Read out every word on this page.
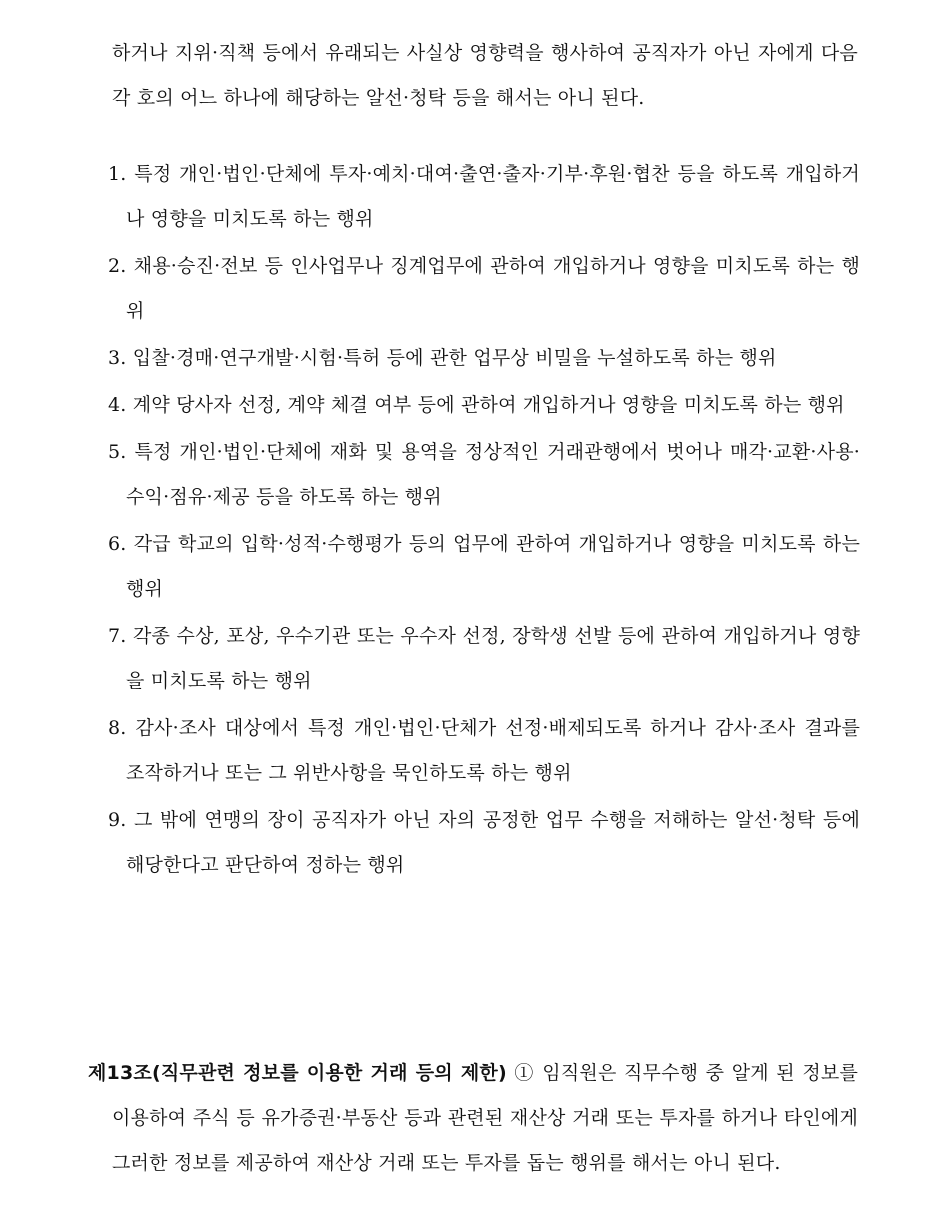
하거나 지위·직책 등에서 유래되는 사실상 영향력을 행사하여 공직자가 아닌 자에게 다음 각 호의 어느 하나에 해당하는 알선·청탁 등을 해서는 아니 된다.

1. 특정 개인·법인·단체에 투자·예치·대여·출연·출자·기부·후원·협찬 등을 하도록 개입하거나 영향을 미치도록 하는 행위
2. 채용·승진·전보 등 인사업무나 징계업무에 관하여 개입하거나 영향을 미치도록 하는 행위
3. 입찰·경매·연구개발·시험·특허 등에 관한 업무상 비밀을 누설하도록 하는 행위
4. 계약 당사자 선정, 계약 체결 여부 등에 관하여 개입하거나 영향을 미치도록 하는 행위
5. 특정 개인·법인·단체에 재화 및 용역을 정상적인 거래관행에서 벗어나 매각·교환·사용·수익·점유·제공 등을 하도록 하는 행위
6. 각급 학교의 입학·성적·수행평가 등의 업무에 관하여 개입하거나 영향을 미치도록 하는 행위
7. 각종 수상, 포상, 우수기관 또는 우수자 선정, 장학생 선발 등에 관하여 개입하거나 영향을 미치도록 하는 행위
8. 감사·조사 대상에서 특정 개인·법인·단체가 선정·배제되도록 하거나 감사·조사 결과를 조작하거나 또는 그 위반사항을 묵인하도록 하는 행위
9. 그 밖에 연맹의 장이 공직자가 아닌 자의 공정한 업무 수행을 저해하는 알선·청탁 등에 해당한다고 판단하여 정하는 행위

제13조(직무관련 정보를 이용한 거래 등의 제한) ① 임직원은 직무수행 중 알게 된 정보를 이용하여 주식 등 유가증권·부동산 등과 관련된 재산상 거래 또는 투자를 하거나 타인에게 그러한 정보를 제공하여 재산상 거래 또는 투자를 돕는 행위를 해서는 아니 된다.
